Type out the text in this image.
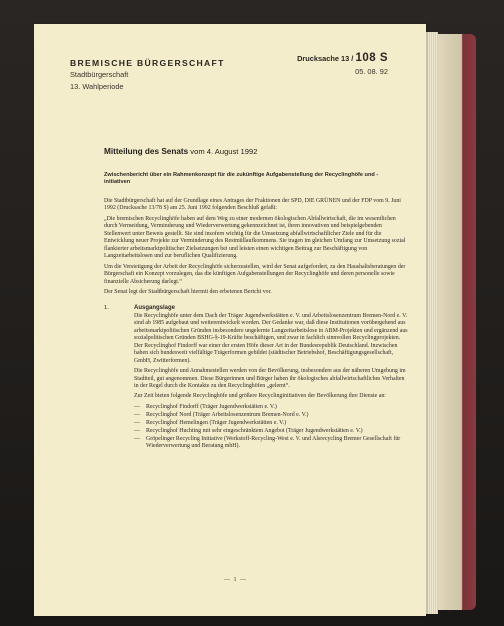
BREMISCHE BÜRGERSCHAFT
Stadtbürgerschaft
13. Wahlperiode
Drucksache 13 / 108 S
05. 08. 92
Mitteilung des Senats vom 4. August 1992
Zwischenbericht über ein Rahmenkonzept für die zukünftige Aufgabenstellung der Recyclinghöfe und -initiativen

Die Stadtbürgerschaft hat auf der Grundlage eines Antrages der Fraktionen der SPD, DIE GRÜNEN und der FDP vom 9. Juni 1992 (Drucksache 13/78 S) am 25. Juni 1992 folgenden Beschluß gefaßt:

„Die bremischen Recyclinghöfe haben auf dem Weg zu einer modernen ökologischen Abfallwirtschaft, die im wesentlichen durch Vermeidung, Verminderung und Wiederverwertung gekennzeichnet ist, ihren innovativen und beispielgebenden Stellenwert unter Beweis gestellt. Sie sind insofern wichtig für die Umsetzung abfallwirtschaftlicher Ziele und für die Entwicklung neuer Projekte zur Verminderung des Restmüllaufkommens. Sie tragen im gleichen Umfang zur Umsetzung sozial flankierter arbeitsmarktpolitischer Zielsetzungen bei und leisten einen wichtigen Beitrag zur Beschäftigung von Langzeitarbeitslosen und zur beruflichen Qualifizierung.

Um die Verstetigung der Arbeit der Recyclinghöfe sicherzustellen, wird der Senat aufgefordert, zu den Haushaltsberatungen der Bürgerschaft ein Konzept vorzulegen, das die künftigen Aufgabenstellungen der Recyclinghöfe und deren personelle sowie finanzielle Absicherung darlegt.“

Der Senat legt der Stadtbürgerschaft hiermit den erbetenen Bericht vor.

1.	Ausgangslage

Die Recyclinghöfe unter dem Dach der Träger Jugendwerkstätten e. V. und Arbeitslosenzentrum Bremen-Nord e. V. sind ab 1985 aufgebaut und weiterentwickelt worden. Der Gedanke war, daß diese Institutionen vorübergehend aus arbeitsmarktpolitischen Gründen insbesondere ungelernte Langzeitarbeitslose in ABM-Projekten und ergänzend aus sozialpolitischen Gründen BSHG-§-19-Kräfte beschäftigen, und zwar in fachlich sinnvollen Recyclingprojekten. Der Recyclinghof Findorff war einer der ersten Höfe dieser Art in der Bundesrepublik Deutschland. Inzwischen haben sich bundesweit vielfältige Trägerformen gebildet (städtischer Betriebshof, Beschäftigungsgesellschaft, GmbH, Zwitterformen).

Die Recyclinghöfe und Annahmestellen werden von der Bevölkerung, insbesondere aus der näheren Umgebung im Stadtteil, gut angenommen. Diese Bürgerinnen und Bürger haben ihr ökologisches abfallwirtschaftliches Verhalten in der Regel durch die Kontakte zu den Recyclinghöfen „gelernt“.

Zur Zeit bieten folgende Recyclinghöfe und größere Recyclinginitiativen der Bevölkerung ihre Dienste an:

— Recyclinghof Findorff (Träger Jugendwerkstätten e. V.)
— Recyclinghof Nord (Träger Arbeitslosenzentrum Bremen-Nord e. V.)
— Recyclinghof Hemelingen (Träger Jugendwerkstätten e. V.)
— Recyclinghof Huchting mit sehr eingeschränktem Angebot (Träger Jugendwerkstätten e. V.)
— Gröpelinger Recycling Initiative (Werkstoff-Recycling-West e. V. und Alsrecycling Bremer Gesellschaft für Wiederverwertung und Beratung mbH).
— 1 —
